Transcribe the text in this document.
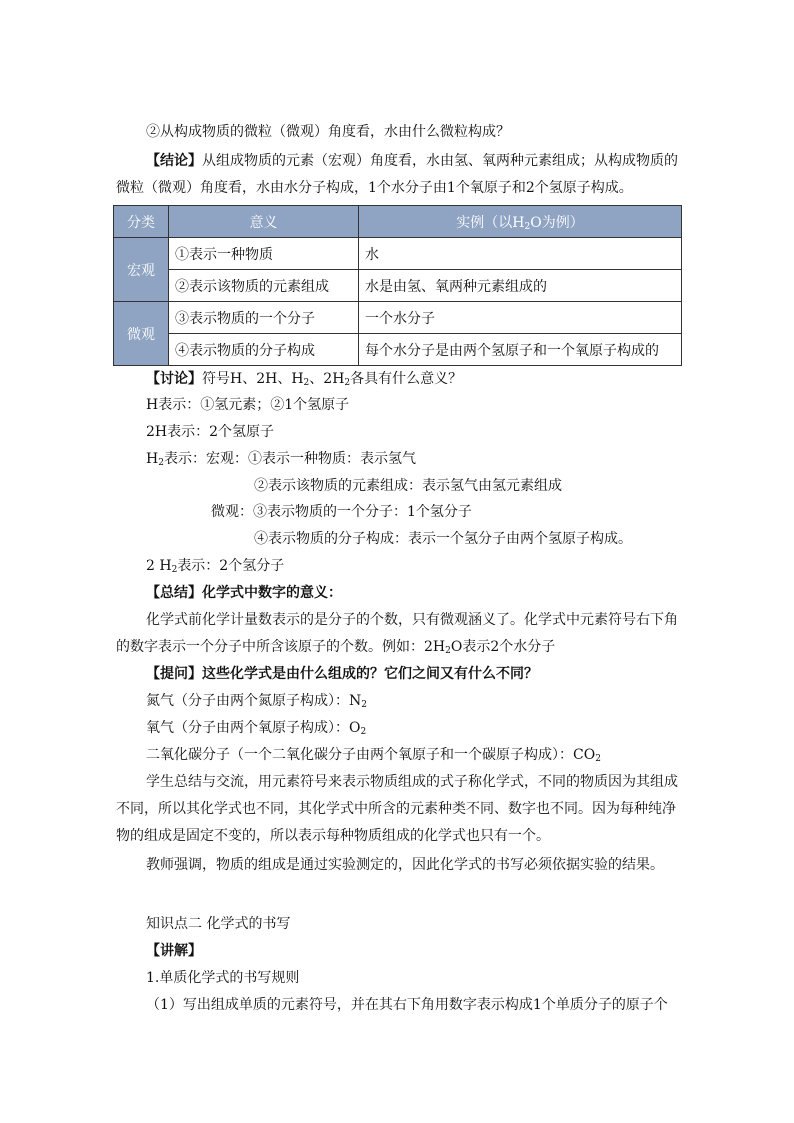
②从构成物质的微粒（微观）角度看，水由什么微粒构成？
【结论】从组成物质的元素（宏观）角度看，水由氢、氧两种元素组成；从构成物质的
微粒（微观）角度看，水由水分子构成，1个水分子由1个氧原子和2个氢原子构成。
分类	意义	实例（以$H_2O$为例）
宏观	①表示一种物质	水
	②表示该物质的元素组成	水是由氢、氧两种元素组成的
微观	③表示物质的一个分子	一个水分子
	④表示物质的分子构成	每个水分子是由两个氢原子和一个氧原子构成的
【讨论】符号H、2H、$H_2$、$2H_2$各具有什么意义？
H表示：①氢元素；②1个氢原子
2H表示：2个氢原子
$H_2$表示：宏观：①表示一种物质：表示氢气
②表示该物质的元素组成：表示氢气由氢元素组成
微观：③表示物质的一个分子：1个氢分子
④表示物质的分子构成：表示一个氢分子由两个氢原子构成。
2 $H_2$表示：2个氢分子
【总结】化学式中数字的意义：
化学式前化学计量数表示的是分子的个数，只有微观涵义了。化学式中元素符号右下角
的数字表示一个分子中所含该原子的个数。例如：$2H_2O$表示2个水分子
【提问】这些化学式是由什么组成的？它们之间又有什么不同？
氮气（分子由两个氮原子构成）：$N_2$
氧气（分子由两个氧原子构成）：$O_2$
二氧化碳分子（一个二氧化碳分子由两个氧原子和一个碳原子构成）：$CO_2$
学生总结与交流，用元素符号来表示物质组成的式子称化学式，不同的物质因为其组成
不同，所以其化学式也不同，其化学式中所含的元素种类不同、数字也不同。因为每种纯净
物的组成是固定不变的，所以表示每种物质组成的化学式也只有一个。
教师强调，物质的组成是通过实验测定的，因此化学式的书写必须依据实验的结果。
知识点二 化学式的书写
【讲解】
1.单质化学式的书写规则
（1）写出组成单质的元素符号，并在其右下角用数字表示构成1个单质分子的原子个
